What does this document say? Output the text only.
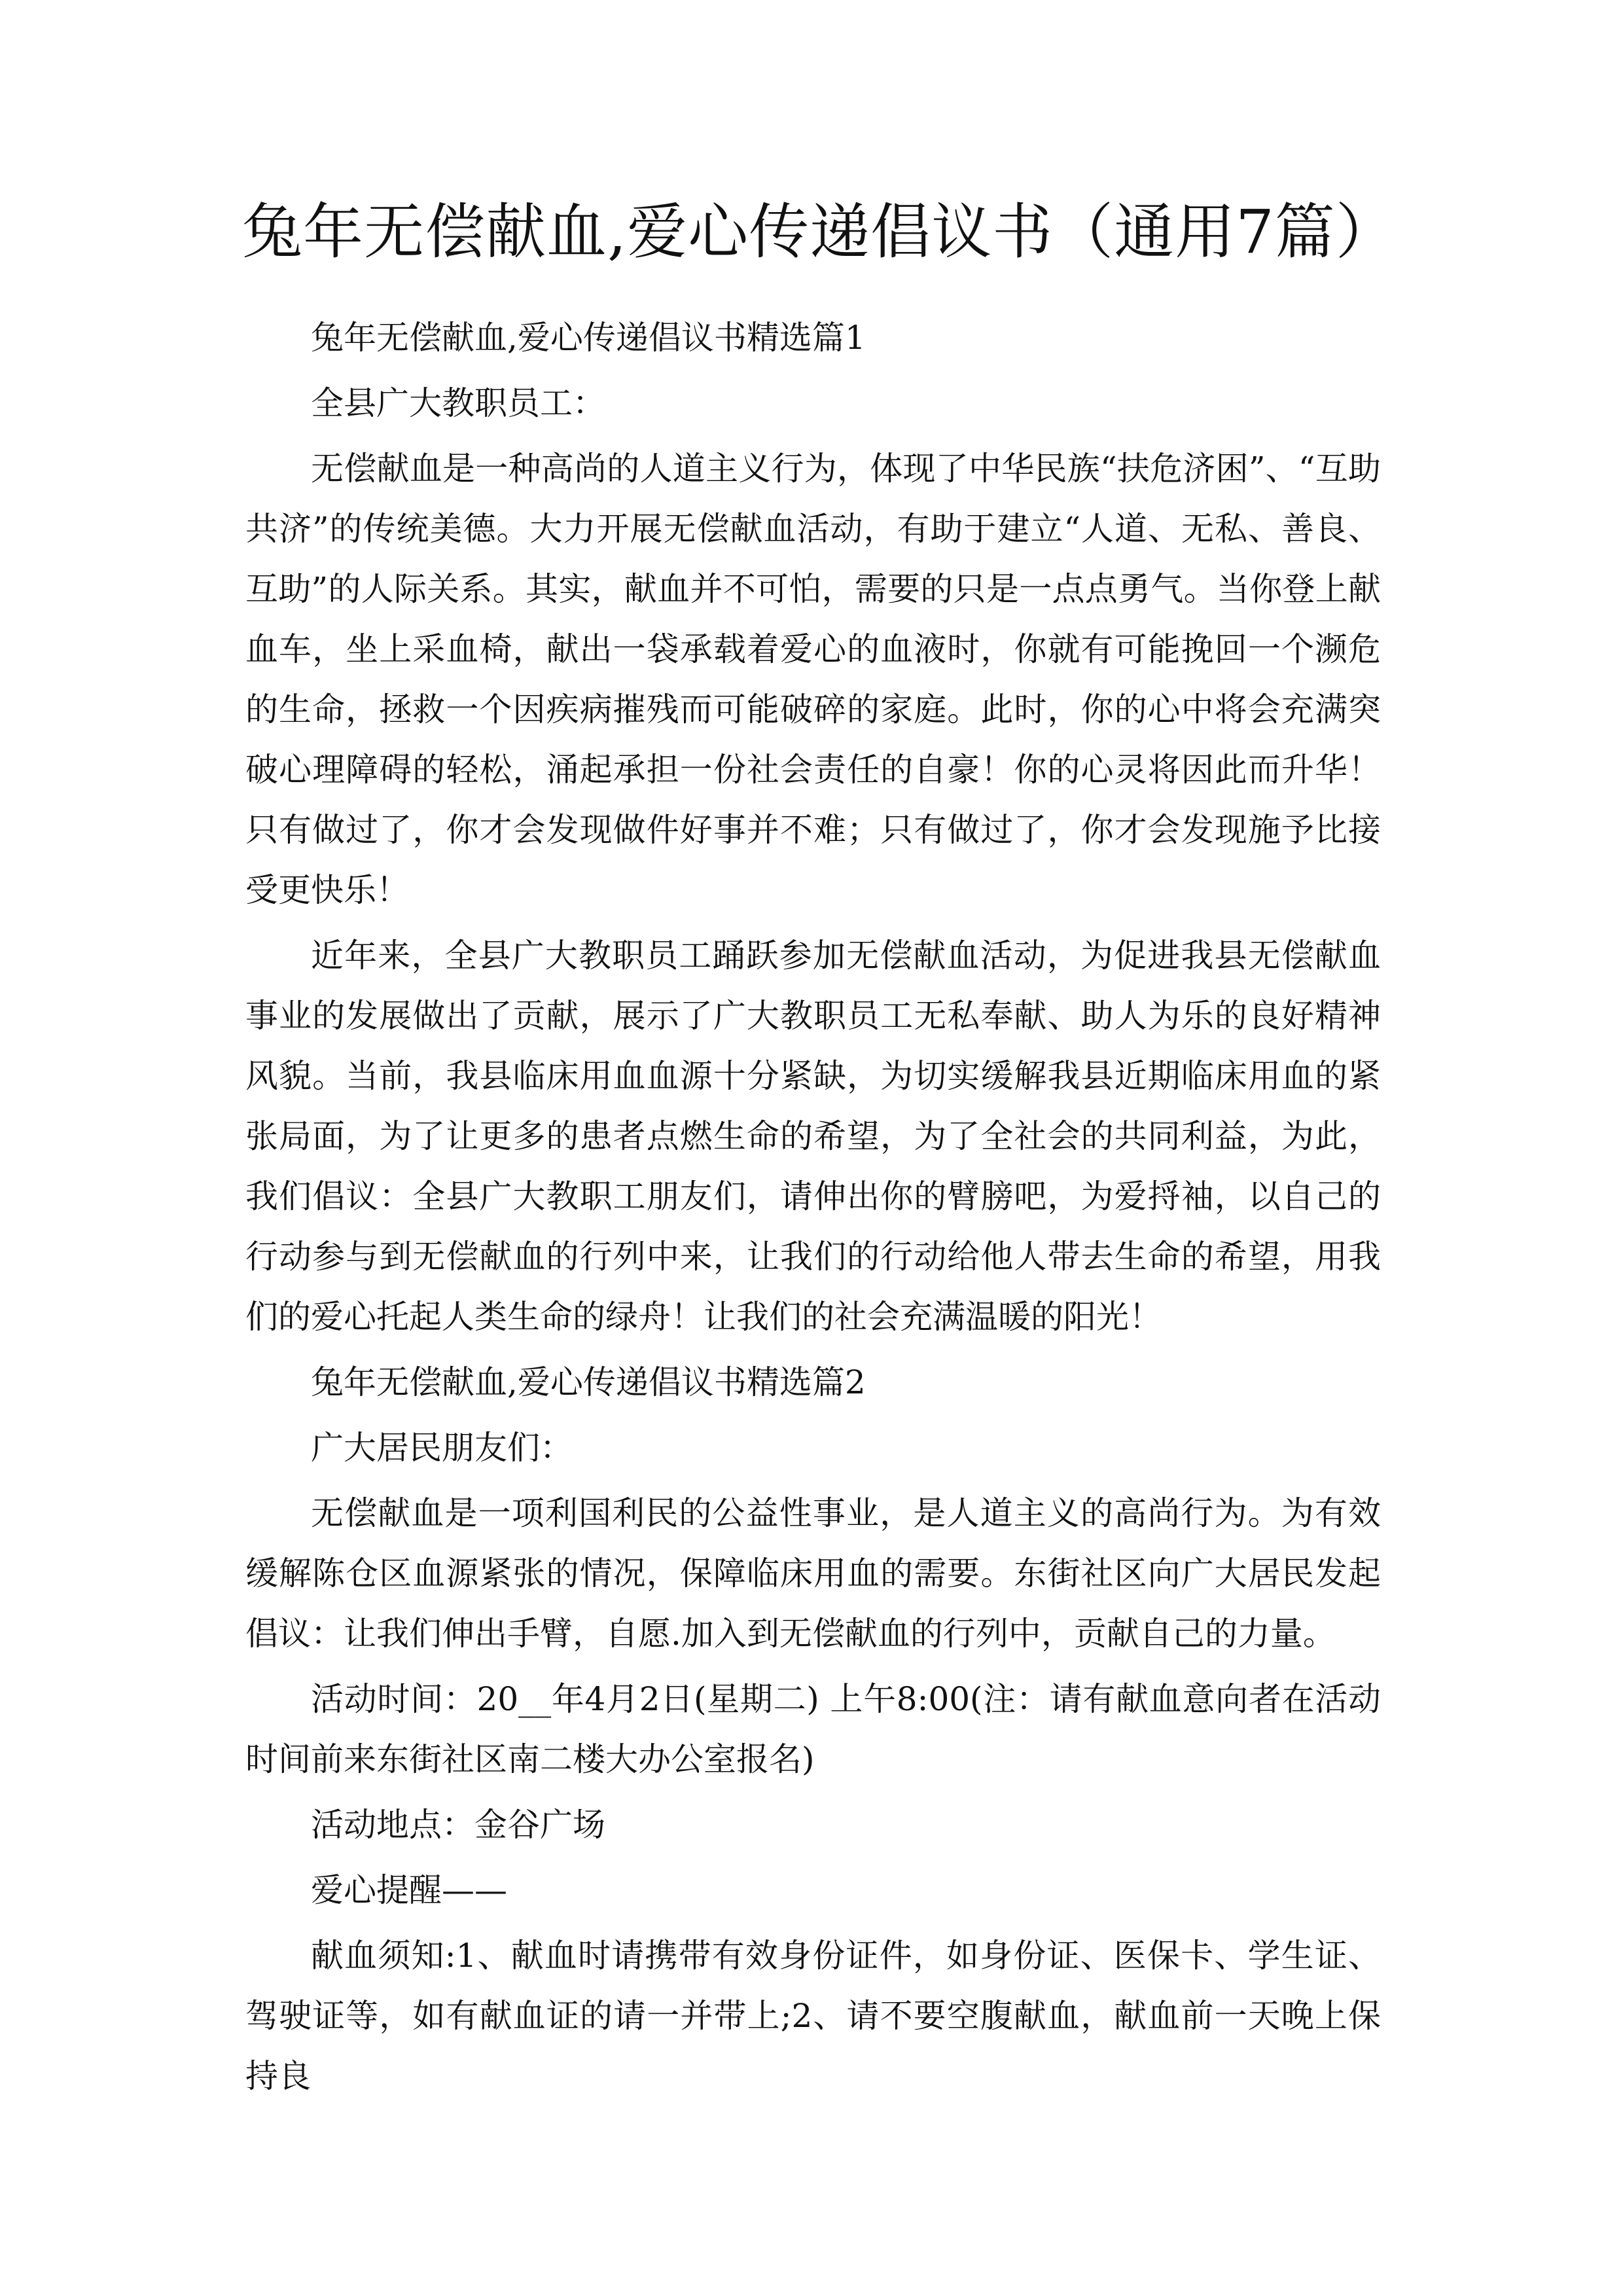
兔年无偿献血,爱心传递倡议书（通用7篇）

兔年无偿献血,爱心传递倡议书精选篇1

全县广大教职员工：

无偿献血是一种高尚的人道主义行为，体现了中华民族“扶危济困”、“互助共济”的传统美德。大力开展无偿献血活动，有助于建立“人道、无私、善良、互助”的人际关系。其实，献血并不可怕，需要的只是一点点勇气。当你登上献血车，坐上采血椅，献出一袋承载着爱心的血液时，你就有可能挽回一个濒危的生命，拯救一个因疾病摧残而可能破碎的家庭。此时，你的心中将会充满突破心理障碍的轻松，涌起承担一份社会责任的自豪！你的心灵将因此而升华！只有做过了，你才会发现做件好事并不难；只有做过了，你才会发现施予比接受更快乐！

近年来，全县广大教职员工踊跃参加无偿献血活动，为促进我县无偿献血事业的发展做出了贡献，展示了广大教职员工无私奉献、助人为乐的良好精神风貌。当前，我县临床用血血源十分紧缺，为切实缓解我县近期临床用血的紧张局面，为了让更多的患者点燃生命的希望，为了全社会的共同利益，为此，我们倡议：全县广大教职工朋友们，请伸出你的臂膀吧，为爱捋袖，以自己的行动参与到无偿献血的行列中来，让我们的行动给他人带去生命的希望，用我们的爱心托起人类生命的绿舟！让我们的社会充满温暖的阳光！

兔年无偿献血,爱心传递倡议书精选篇2

广大居民朋友们：

无偿献血是一项利国利民的公益性事业，是人道主义的高尚行为。为有效缓解陈仓区血源紧张的情况，保障临床用血的需要。东街社区向广大居民发起倡议：让我们伸出手臂，自愿.加入到无偿献血的行列中，贡献自己的力量。

活动时间：20__年4月2日(星期二) 上午8:00(注：请有献血意向者在活动时间前来东街社区南二楼大办公室报名)

活动地点：金谷广场

爱心提醒——

献血须知:1、献血时请携带有效身份证件，如身份证、医保卡、学生证、驾驶证等，如有献血证的请一并带上;2、请不要空腹献血，献血前一天晚上保持良
